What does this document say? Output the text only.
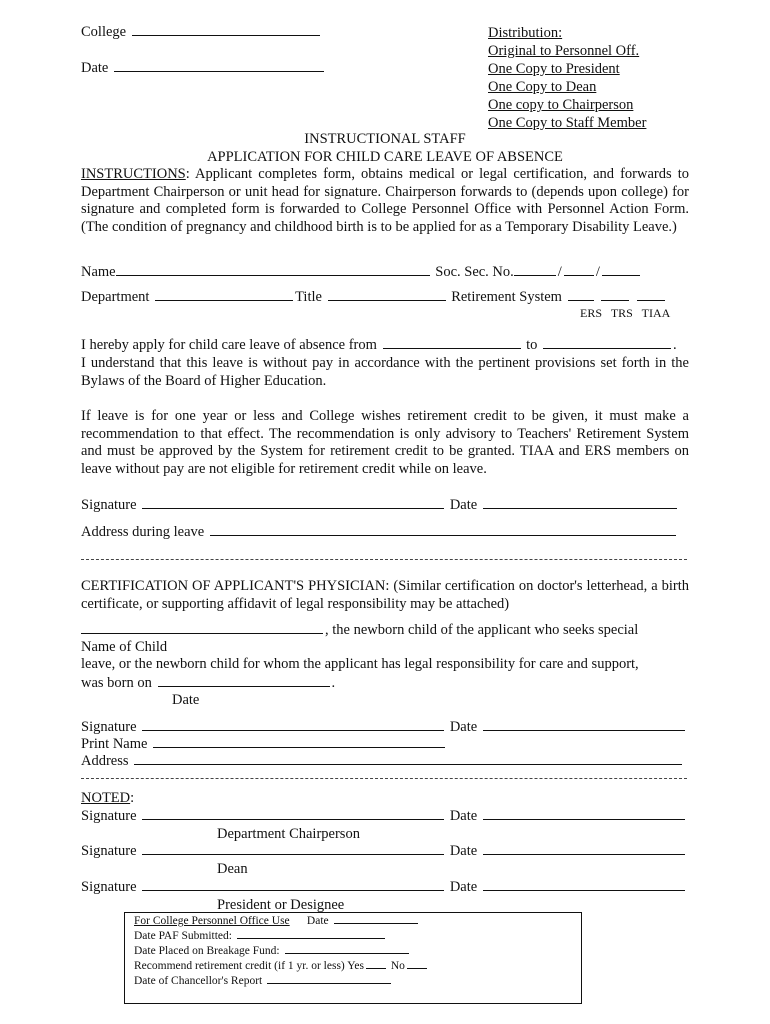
College
Date
Distribution:
Original to Personnel Off.
One Copy to President
One Copy to Dean
One copy to Chairperson
One Copy to Staff Member
INSTRUCTIONAL STAFF
APPLICATION FOR CHILD CARE LEAVE OF ABSENCE
INSTRUCTIONS: Applicant completes form, obtains medical or legal certification, and forwards to Department Chairperson or unit head for signature. Chairperson forwards to (depends upon college) for signature and completed form is forwarded to College Personnel Office with Personnel Action Form. (The condition of pregnancy and childhood birth is to be applied for as a Temporary Disability Leave.)
Name	Soc. Sec. No.	/ /
Department	Title	Retirement System
ERS TRS TIAA
I hereby apply for child care leave of absence from	to	.
I understand that this leave is without pay in accordance with the pertinent provisions set forth in the Bylaws of the Board of Higher Education.
If leave is for one year or less and College wishes retirement credit to be given, it must make a recommendation to that effect. The recommendation is only advisory to Teachers' Retirement System and must be approved by the System for retirement credit to be granted. TIAA and ERS members on leave without pay are not eligible for retirement credit while on leave.
Signature	Date
Address during leave
CERTIFICATION OF APPLICANT'S PHYSICIAN: (Similar certification on doctor's letterhead, a birth certificate, or supporting affidavit of legal responsibility may be attached)
, the newborn child of the applicant who seeks special
Name of Child
leave, or the newborn child for whom the applicant has legal responsibility for care and support,
was born on	.
Date
Signature	Date
Print Name
Address
NOTED:
Signature	Date
Department Chairperson
Signature	Date
Dean
Signature	Date
President or Designee
For College Personnel Office Use Date
Date PAF Submitted:
Date Placed on Breakage Fund:
Recommend retirement credit (if 1 yr. or less) Yes No
Date of Chancellor's Report
